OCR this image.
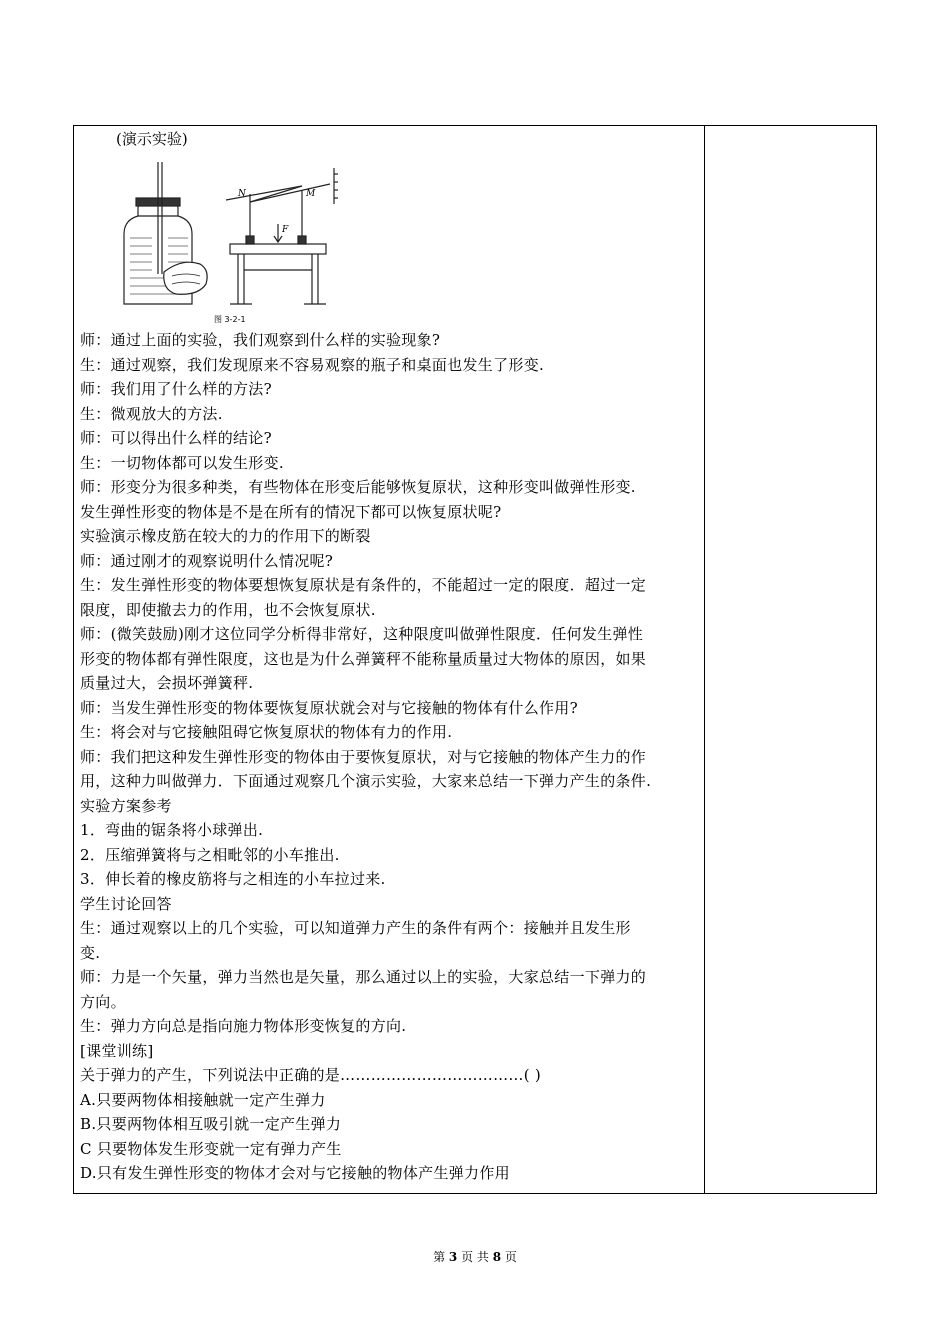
(演示实验)
N	M
F
图 3-2-1
师：通过上面的实验，我们观察到什么样的实验现象?
生：通过观察，我们发现原来不容易观察的瓶子和桌面也发生了形变.
师：我们用了什么样的方法?
生：微观放大的方法.
师：可以得出什么样的结论?
生：一切物体都可以发生形变.
师：形变分为很多种类，有些物体在形变后能够恢复原状，这种形变叫做弹性形变.
发生弹性形变的物体是不是在所有的情况下都可以恢复原状呢?
实验演示橡皮筋在较大的力的作用下的断裂
师：通过刚才的观察说明什么情况呢?
生：发生弹性形变的物体要想恢复原状是有条件的，不能超过一定的限度．超过一定
限度，即使撤去力的作用，也不会恢复原状.
师：(微笑鼓励)刚才这位同学分析得非常好，这种限度叫做弹性限度．任何发生弹性
形变的物体都有弹性限度，这也是为什么弹簧秤不能称量质量过大物体的原因，如果
质量过大，会损坏弹簧秤.
师：当发生弹性形变的物体要恢复原状就会对与它接触的物体有什么作用?
生：将会对与它接触阻碍它恢复原状的物体有力的作用.
师：我们把这种发生弹性形变的物体由于要恢复原状，对与它接触的物体产生力的作
用，这种力叫做弹力．下面通过观察几个演示实验，大家来总结一下弹力产生的条件.
实验方案参考
1．弯曲的锯条将小球弹出.
2．压缩弹簧将与之相毗邻的小车推出.
3．伸长着的橡皮筋将与之相连的小车拉过来.
学生讨论回答
生：通过观察以上的几个实验，可以知道弹力产生的条件有两个：接触并且发生形
变.
师：力是一个矢量，弹力当然也是矢量，那么通过以上的实验，大家总结一下弹力的
方向。
生：弹力方向总是指向施力物体形变恢复的方向.
[课堂训练]
关于弹力的产生，下列说法中正确的是………………………………( )
A.只要两物体相接触就一定产生弹力
B.只要两物体相互吸引就一定产生弹力
C 只要物体发生形变就一定有弹力产生
D.只有发生弹性形变的物体才会对与它接触的物体产生弹力作用
第 3 页 共 8 页
